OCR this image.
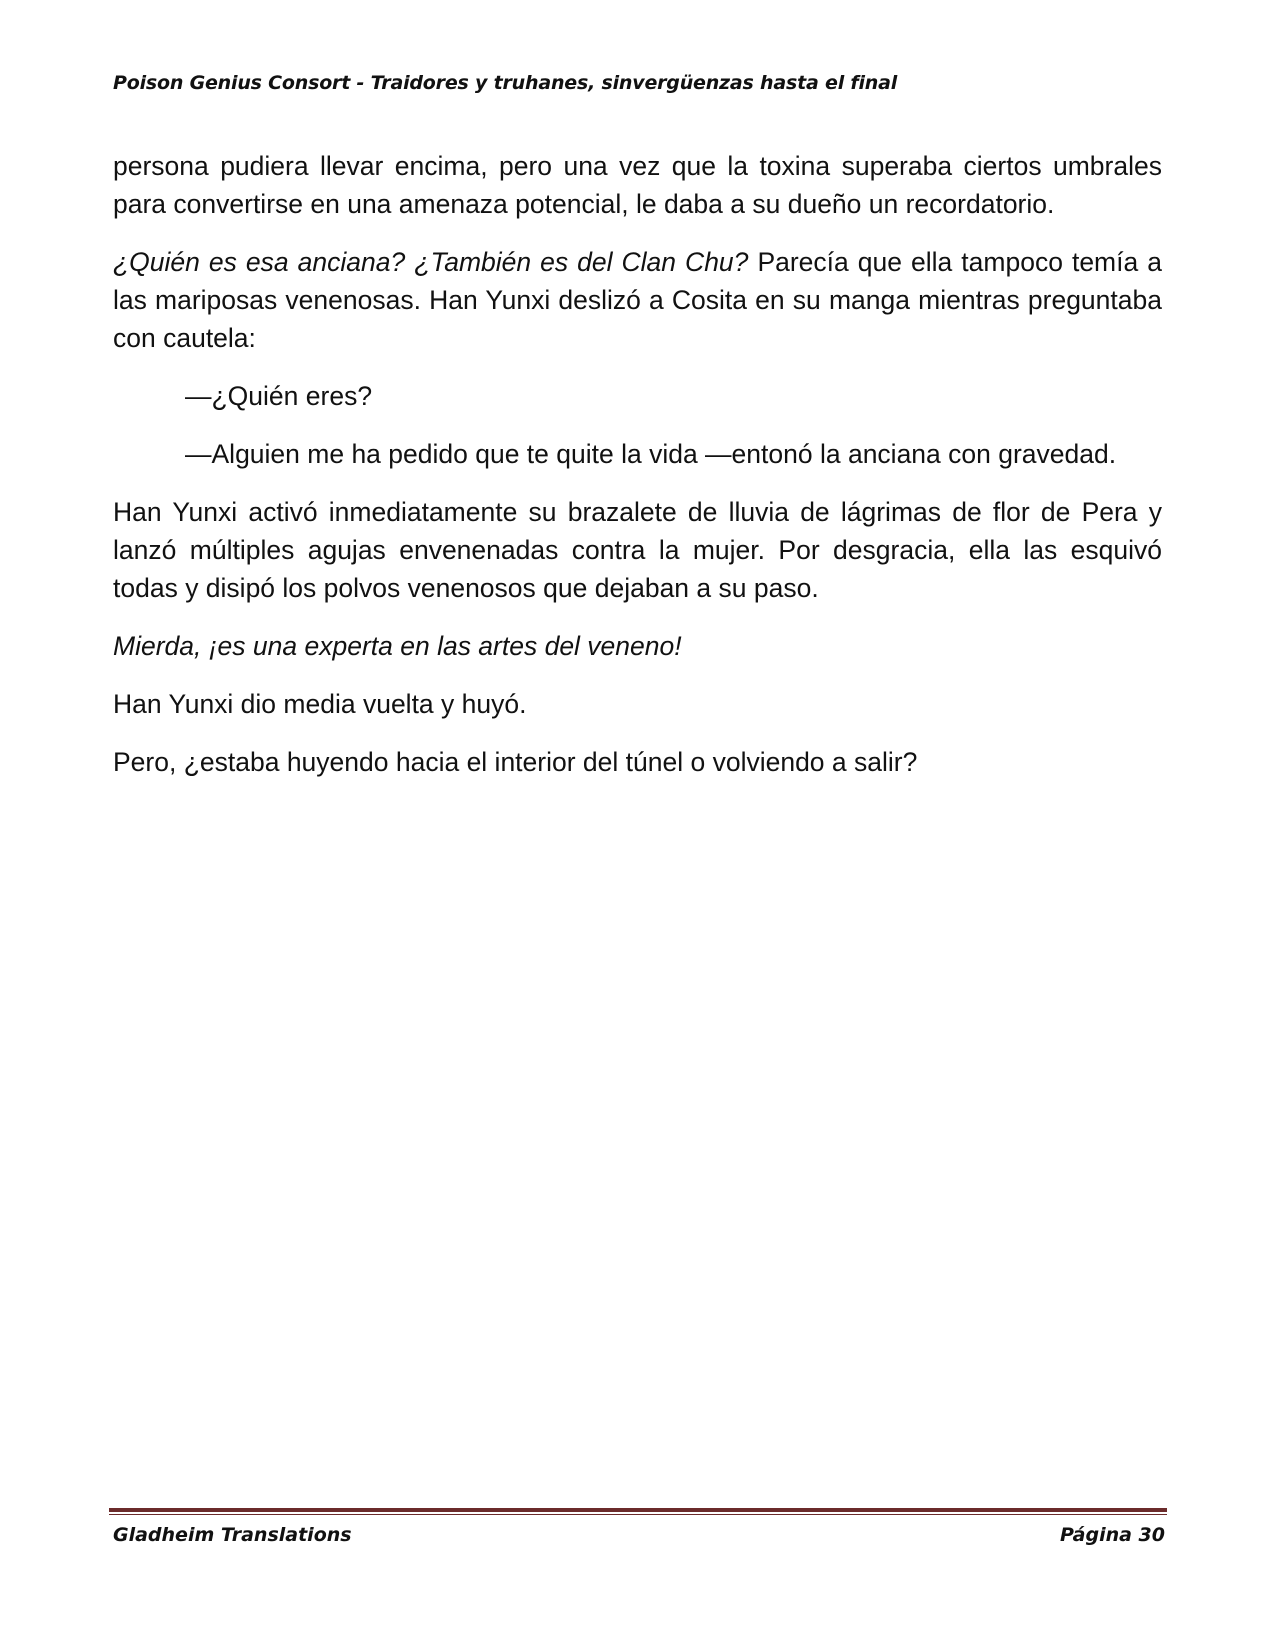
Poison Genius Consort - Traidores y truhanes, sinvergüenzas hasta el final

persona pudiera llevar encima, pero una vez que la toxina superaba ciertos umbrales para convertirse en una amenaza potencial, le daba a su dueño un recordatorio.

¿Quién es esa anciana? ¿También es del Clan Chu? Parecía que ella tampoco temía a las mariposas venenosas. Han Yunxi deslizó a Cosita en su manga mientras preguntaba con cautela:

—¿Quién eres?

—Alguien me ha pedido que te quite la vida —entonó la anciana con gravedad.

Han Yunxi activó inmediatamente su brazalete de lluvia de lágrimas de flor de Pera y lanzó múltiples agujas envenenadas contra la mujer. Por desgracia, ella las esquivó todas y disipó los polvos venenosos que dejaban a su paso.

Mierda, ¡es una experta en las artes del veneno!

Han Yunxi dio media vuelta y huyó.

Pero, ¿estaba huyendo hacia el interior del túnel o volviendo a salir?

Gladheim Translations	Página 30
